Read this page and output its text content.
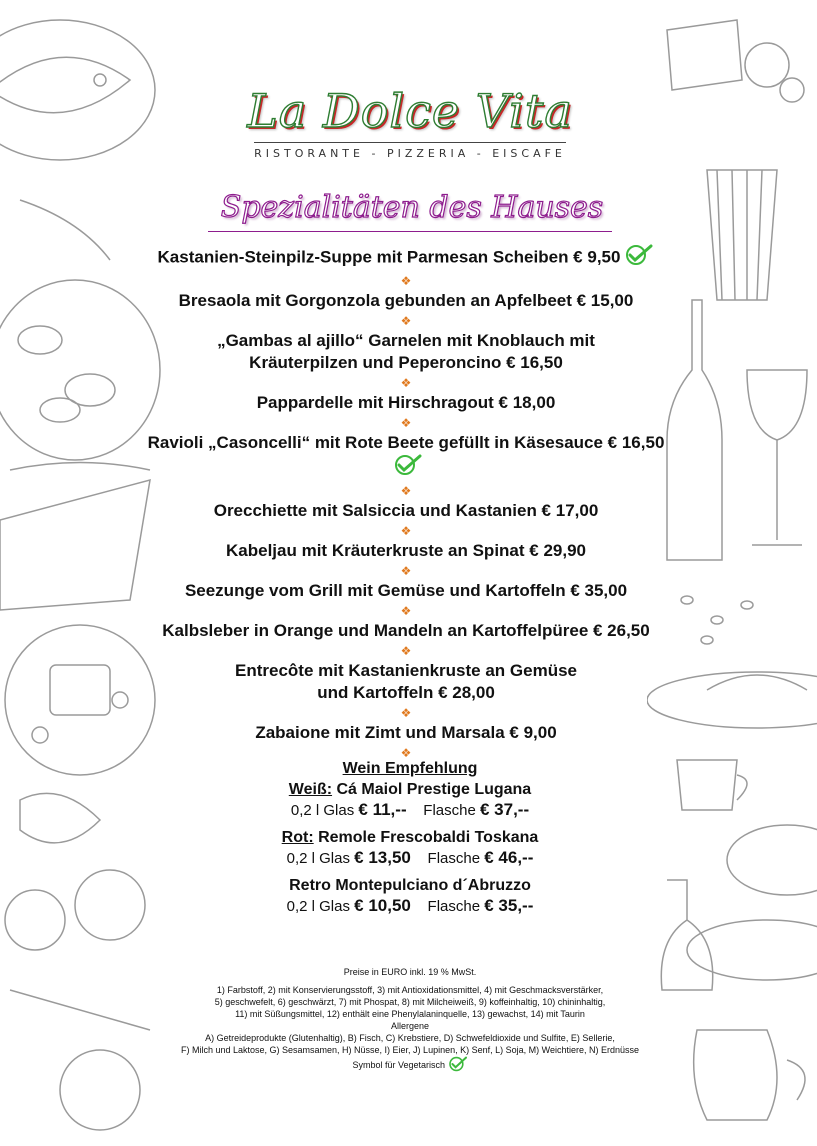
La Dolce Vita
RISTORANTE - PIZZERIA - EISCAFE
Spezialitäten des Hauses
Kastanien-Steinpilz-Suppe mit Parmesan Scheiben € 9,50
❖
Bresaola mit Gorgonzola gebunden an Apfelbeet € 15,00
❖
„Gambas al ajillo“ Garnelen mit Knoblauch mit
Kräuterpilzen und Peperoncino € 16,50
❖
Pappardelle mit Hirschragout € 18,00
❖
Ravioli „Casoncelli“ mit Rote Beete gefüllt in Käsesauce € 16,50
❖
Orecchiette mit Salsiccia und Kastanien € 17,00
❖
Kabeljau mit Kräuterkruste an Spinat € 29,90
❖
Seezunge vom Grill mit Gemüse und Kartoffeln € 35,00
❖
Kalbsleber in Orange und Mandeln an Kartoffelpüree € 26,50
❖
Entrecôte mit Kastanienkruste an Gemüse
und Kartoffeln € 28,00
❖
Zabaione mit Zimt und Marsala € 9,00
❖
Wein Empfehlung
Weiß: Cá Maiol Prestige Lugana
0,2 l Glas € 11,-- Flasche € 37,--
Rot: Remole Frescobaldi Toskana
0,2 l Glas € 13,50 Flasche € 46,--
Retro Montepulciano d´Abruzzo
0,2 l Glas € 10,50 Flasche € 35,--

Preise in EURO inkl. 19 % MwSt.

1) Farbstoff, 2) mit Konservierungsstoff, 3) mit Antioxidationsmittel, 4) mit Geschmacksverstärker,

5) geschwefelt, 6) geschwärzt, 7) mit Phospat, 8) mit Milcheiweiß, 9) koffeinhaltig, 10) chininhaltig,

11) mit Süßungsmittel, 12) enthält eine Phenylalaninquelle, 13) gewachst, 14) mit Taurin

Allergene

A) Getreideprodukte (Glutenhaltig), B) Fisch, C) Krebstiere, D) Schwefeldioxide und Sulfite, E) Sellerie,

F) Milch und Laktose, G) Sesamsamen, H) Nüsse, I) Eier, J) Lupinen, K) Senf, L) Soja, M) Weichtiere, N) Erdnüsse

Symbol für Vegetarisch
